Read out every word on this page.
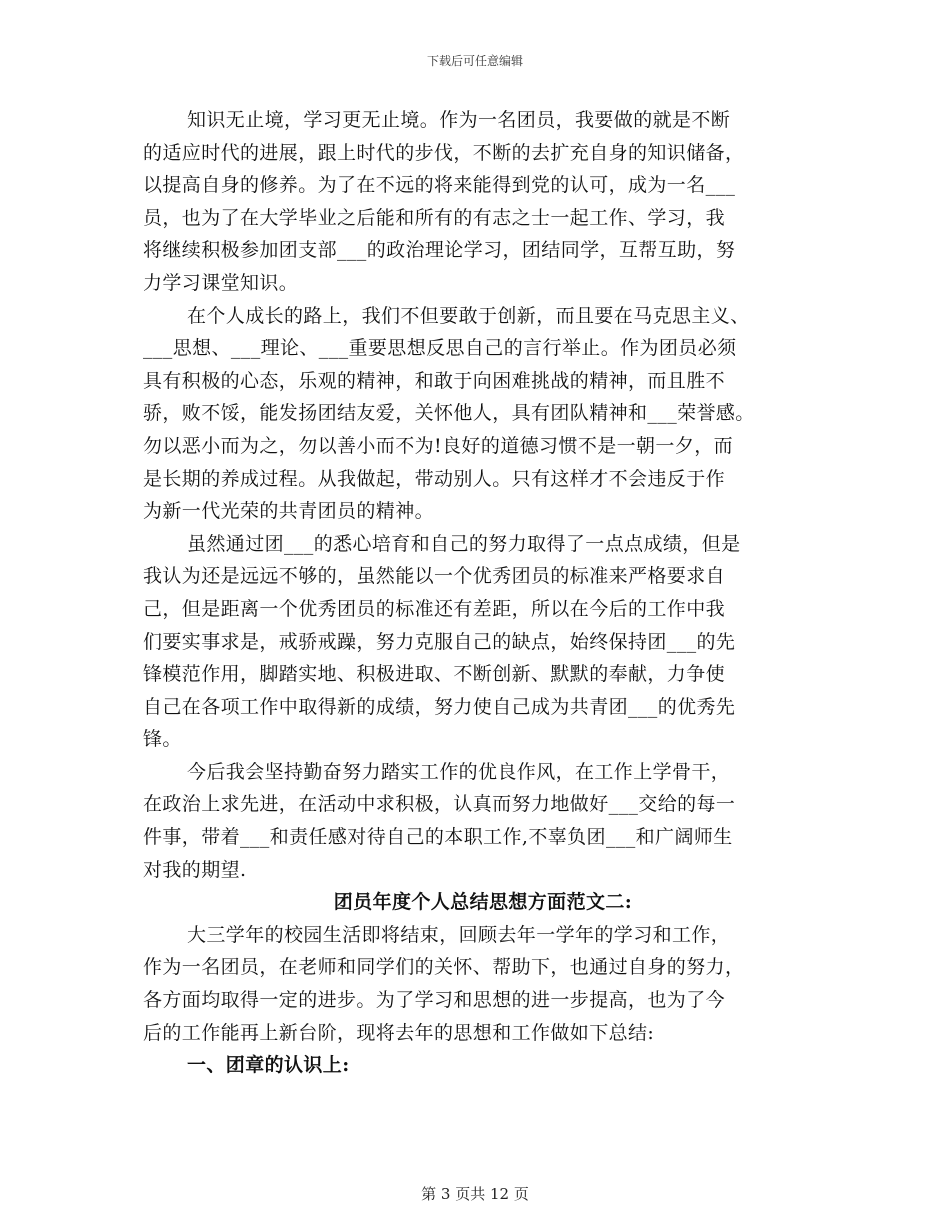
下载后可任意编辑
知识无止境，学习更无止境。作为一名团员，我要做的就是不断
的适应时代的进展，跟上时代的步伐，不断的去扩充自身的知识储备，
以提高自身的修养。为了在不远的将来能得到党的认可，成为一名___
员，也为了在大学毕业之后能和所有的有志之士一起工作、学习，我
将继续积极参加团支部___的政治理论学习，团结同学，互帮互助，努
力学习课堂知识。
在个人成长的路上，我们不但要敢于创新，而且要在马克思主义、
___思想、___理论、___重要思想反思自己的言行举止。作为团员必须
具有积极的心态，乐观的精神，和敢于向困难挑战的精神，而且胜不
骄，败不馁，能发扬团结友爱，关怀他人，具有团队精神和___荣誉感。
勿以恶小而为之，勿以善小而不为!良好的道德习惯不是一朝一夕，而
是长期的养成过程。从我做起，带动别人。只有这样才不会违反于作
为新一代光荣的共青团员的精神。
虽然通过团___的悉心培育和自己的努力取得了一点点成绩，但是
我认为还是远远不够的，虽然能以一个优秀团员的标准来严格要求自
己，但是距离一个优秀团员的标准还有差距，所以在今后的工作中我
们要实事求是，戒骄戒躁，努力克服自己的缺点，始终保持团___的先
锋模范作用，脚踏实地、积极进取、不断创新、默默的奉献，力争使
自己在各项工作中取得新的成绩，努力使自己成为共青团___的优秀先
锋。
今后我会坚持勤奋努力踏实工作的优良作风，在工作上学骨干，
在政治上求先进，在活动中求积极，认真而努力地做好___交给的每一
件事，带着___和责任感对待自己的本职工作,不辜负团___和广阔师生
对我的期望.
团员年度个人总结思想方面范文二:
大三学年的校园生活即将结束，回顾去年一学年的学习和工作，
作为一名团员，在老师和同学们的关怀、帮助下，也通过自身的努力，
各方面均取得一定的进步。为了学习和思想的进一步提高，也为了今
后的工作能再上新台阶，现将去年的思想和工作做如下总结:
一、团章的认识上:
第 3 页共 12 页
